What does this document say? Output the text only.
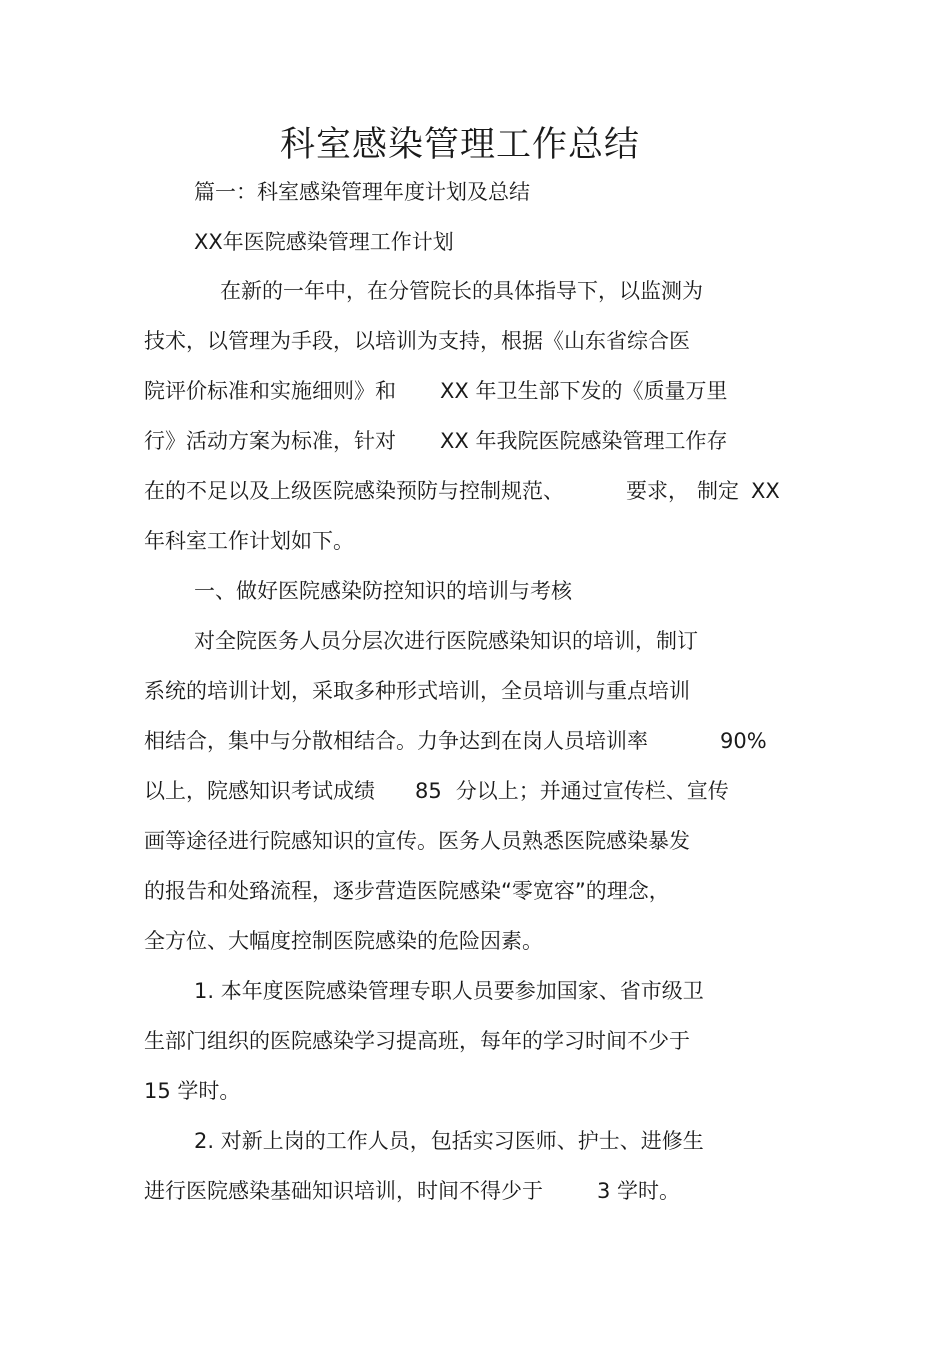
科室感染管理工作总结

篇一：科室感染管理年度计划及总结

XX年医院感染管理工作计划

在新的一年中，在分管院长的具体指导下，以监测为

技术，以管理为手段，以培训为支持，根据《山东省综合医

院评价标准和实施细则》和 XX 年卫生部下发的《质量万里

行》活动方案为标准，针对 XX 年我院医院感染管理工作存

在的不足以及上级医院感染预防与控制规范、	要求， 制定 XX

年科室工作计划如下。

一、做好医院感染防控知识的培训与考核

对全院医务人员分层次进行医院感染知识的培训，制订

系统的培训计划，采取多种形式培训，全员培训与重点培训

相结合，集中与分散相结合。力争达到在岗人员培训率	90%

以上，院感知识考试成绩 85 分以上；并通过宣传栏、宣传

画等途径进行院感知识的宣传。医务人员熟悉医院感染暴发

的报告和处臵流程，逐步营造医院感染“零宽容”的理念，

全方位、大幅度控制医院感染的危险因素。

1. 本年度医院感染管理专职人员要参加国家、省市级卫

生部门组织的医院感染学习提高班，每年的学习时间不少于

15 学时。

2. 对新上岗的工作人员，包括实习医师、护士、进修生

进行医院感染基础知识培训，时间不得少于	3 学时。
